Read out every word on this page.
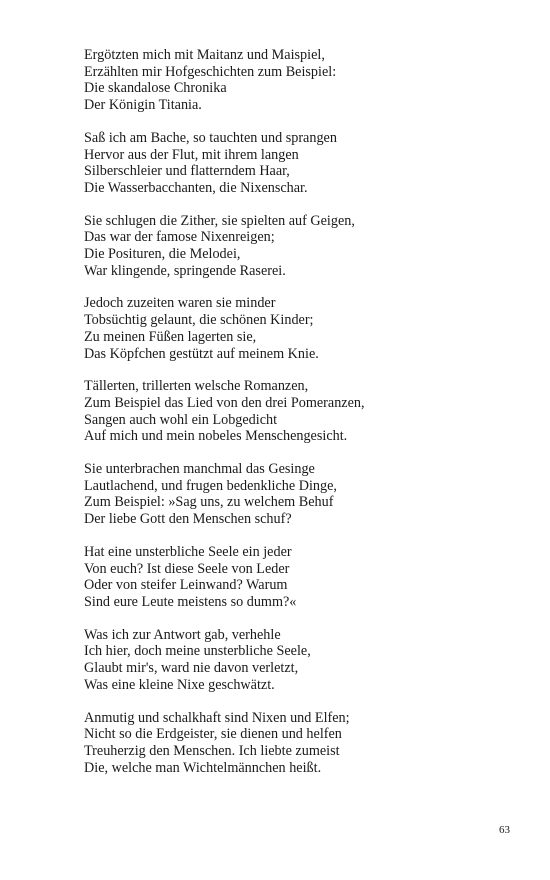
Ergötzten mich mit Maitanz und Maispiel,
Erzählten mir Hofgeschichten zum Beispiel:
Die skandalose Chronika
Der Königin Titania.
Saß ich am Bache, so tauchten und sprangen
Hervor aus der Flut, mit ihrem langen
Silberschleier und flatterndem Haar,
Die Wasserbacchanten, die Nixenschar.
Sie schlugen die Zither, sie spielten auf Geigen,
Das war der famose Nixenreigen;
Die Posituren, die Melodei,
War klingende, springende Raserei.
Jedoch zuzeiten waren sie minder
Tobsüchtig gelaunt, die schönen Kinder;
Zu meinen Füßen lagerten sie,
Das Köpfchen gestützt auf meinem Knie.
Tällerten, trillerten welsche Romanzen,
Zum Beispiel das Lied von den drei Pomeranzen,
Sangen auch wohl ein Lobgedicht
Auf mich und mein nobeles Menschengesicht.
Sie unterbrachen manchmal das Gesinge
Lautlachend, und frugen bedenkliche Dinge,
Zum Beispiel: »Sag uns, zu welchem Behuf
Der liebe Gott den Menschen schuf?
Hat eine unsterbliche Seele ein jeder
Von euch? Ist diese Seele von Leder
Oder von steifer Leinwand? Warum
Sind eure Leute meistens so dumm?«
Was ich zur Antwort gab, verhehle
Ich hier, doch meine unsterbliche Seele,
Glaubt mir's, ward nie davon verletzt,
Was eine kleine Nixe geschwätzt.
Anmutig und schalkhaft sind Nixen und Elfen;
Nicht so die Erdgeister, sie dienen und helfen
Treuherzig den Menschen. Ich liebte zumeist
Die, welche man Wichtelmännchen heißt.
63
